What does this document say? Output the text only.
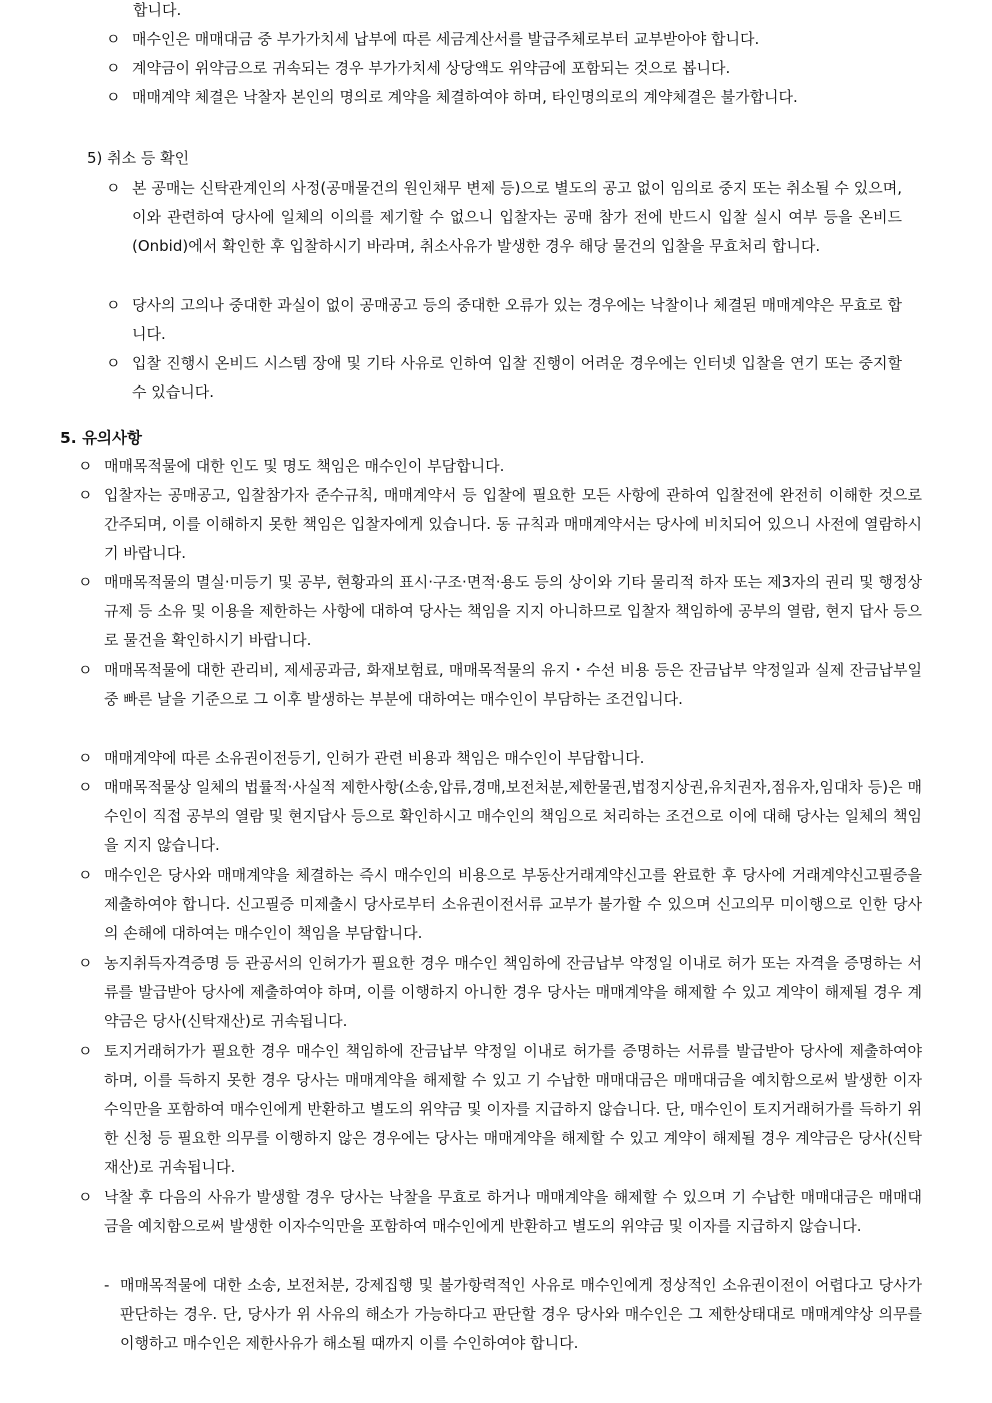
합니다.
ㅇ 매수인은 매매대금 중 부가가치세 납부에 따른 세금계산서를 발급주체로부터 교부받아야 합니다.
ㅇ 계약금이 위약금으로 귀속되는 경우 부가가치세 상당액도 위약금에 포함되는 것으로 봅니다.
ㅇ 매매계약 체결은 낙찰자 본인의 명의로 계약을 체결하여야 하며, 타인명의로의 계약체결은 불가합니다.
5) 취소 등 확인
ㅇ 본 공매는 신탁관계인의 사정(공매물건의 원인채무 변제 등)으로 별도의 공고 없이 임의로 중지 또는 취소될 수 있으며, 이와 관련하여 당사에 일체의 이의를 제기할 수 없으니 입찰자는 공매 참가 전에 반드시 입찰 실시 여부 등을 온비드(Onbid)에서 확인한 후 입찰하시기 바라며, 취소사유가 발생한 경우 해당 물건의 입찰을 무효처리 합니다.
ㅇ 당사의 고의나 중대한 과실이 없이 공매공고 등의 중대한 오류가 있는 경우에는 낙찰이나 체결된 매매계약은 무효로 합니다.
ㅇ 입찰 진행시 온비드 시스템 장애 및 기타 사유로 인하여 입찰 진행이 어려운 경우에는 인터넷 입찰을 연기 또는 중지할 수 있습니다.
5. 유의사항
ㅇ 매매목적물에 대한 인도 및 명도 책임은 매수인이 부담합니다.
ㅇ 입찰자는 공매공고, 입찰참가자 준수규칙, 매매계약서 등 입찰에 필요한 모든 사항에 관하여 입찰전에 완전히 이해한 것으로 간주되며, 이를 이해하지 못한 책임은 입찰자에게 있습니다. 동 규칙과 매매계약서는 당사에 비치되어 있으니 사전에 열람하시기 바랍니다.
ㅇ 매매목적물의 멸실·미등기 및 공부, 현황과의 표시·구조·면적·용도 등의 상이와 기타 물리적 하자 또는 제3자의 권리 및 행정상 규제 등 소유 및 이용을 제한하는 사항에 대하여 당사는 책임을 지지 아니하므로 입찰자 책임하에 공부의 열람, 현지 답사 등으로 물건을 확인하시기 바랍니다.
ㅇ 매매목적물에 대한 관리비, 제세공과금, 화재보험료, 매매목적물의 유지・수선 비용 등은 잔금납부 약정일과 실제 잔금납부일 중 빠른 날을 기준으로 그 이후 발생하는 부분에 대하여는 매수인이 부담하는 조건입니다.
ㅇ 매매계약에 따른 소유권이전등기, 인허가 관련 비용과 책임은 매수인이 부담합니다.
ㅇ 매매목적물상 일체의 법률적·사실적 제한사항(소송,압류,경매,보전처분,제한물권,법정지상권,유치권자,점유자,임대차 등)은 매수인이 직접 공부의 열람 및 현지답사 등으로 확인하시고 매수인의 책임으로 처리하는 조건으로 이에 대해 당사는 일체의 책임을 지지 않습니다.
ㅇ 매수인은 당사와 매매계약을 체결하는 즉시 매수인의 비용으로 부동산거래계약신고를 완료한 후 당사에 거래계약신고필증을 제출하여야 합니다. 신고필증 미제출시 당사로부터 소유권이전서류 교부가 불가할 수 있으며 신고의무 미이행으로 인한 당사의 손해에 대하여는 매수인이 책임을 부담합니다.
ㅇ 농지취득자격증명 등 관공서의 인허가가 필요한 경우 매수인 책임하에 잔금납부 약정일 이내로 허가 또는 자격을 증명하는 서류를 발급받아 당사에 제출하여야 하며, 이를 이행하지 아니한 경우 당사는 매매계약을 해제할 수 있고 계약이 해제될 경우 계약금은 당사(신탁재산)로 귀속됩니다.
ㅇ 토지거래허가가 필요한 경우 매수인 책임하에 잔금납부 약정일 이내로 허가를 증명하는 서류를 발급받아 당사에 제출하여야 하며, 이를 득하지 못한 경우 당사는 매매계약을 해제할 수 있고 기 수납한 매매대금은 매매대금을 예치함으로써 발생한 이자수익만을 포함하여 매수인에게 반환하고 별도의 위약금 및 이자를 지급하지 않습니다. 단, 매수인이 토지거래허가를 득하기 위한 신청 등 필요한 의무를 이행하지 않은 경우에는 당사는 매매계약을 해제할 수 있고 계약이 해제될 경우 계약금은 당사(신탁재산)로 귀속됩니다.
ㅇ 낙찰 후 다음의 사유가 발생할 경우 당사는 낙찰을 무효로 하거나 매매계약을 해제할 수 있으며 기 수납한 매매대금은 매매대금을 예치함으로써 발생한 이자수익만을 포함하여 매수인에게 반환하고 별도의 위약금 및 이자를 지급하지 않습니다.
- 매매목적물에 대한 소송, 보전처분, 강제집행 및 불가항력적인 사유로 매수인에게 정상적인 소유권이전이 어렵다고 당사가 판단하는 경우. 단, 당사가 위 사유의 해소가 가능하다고 판단할 경우 당사와 매수인은 그 제한상태대로 매매계약상 의무를 이행하고 매수인은 제한사유가 해소될 때까지 이를 수인하여야 합니다.
